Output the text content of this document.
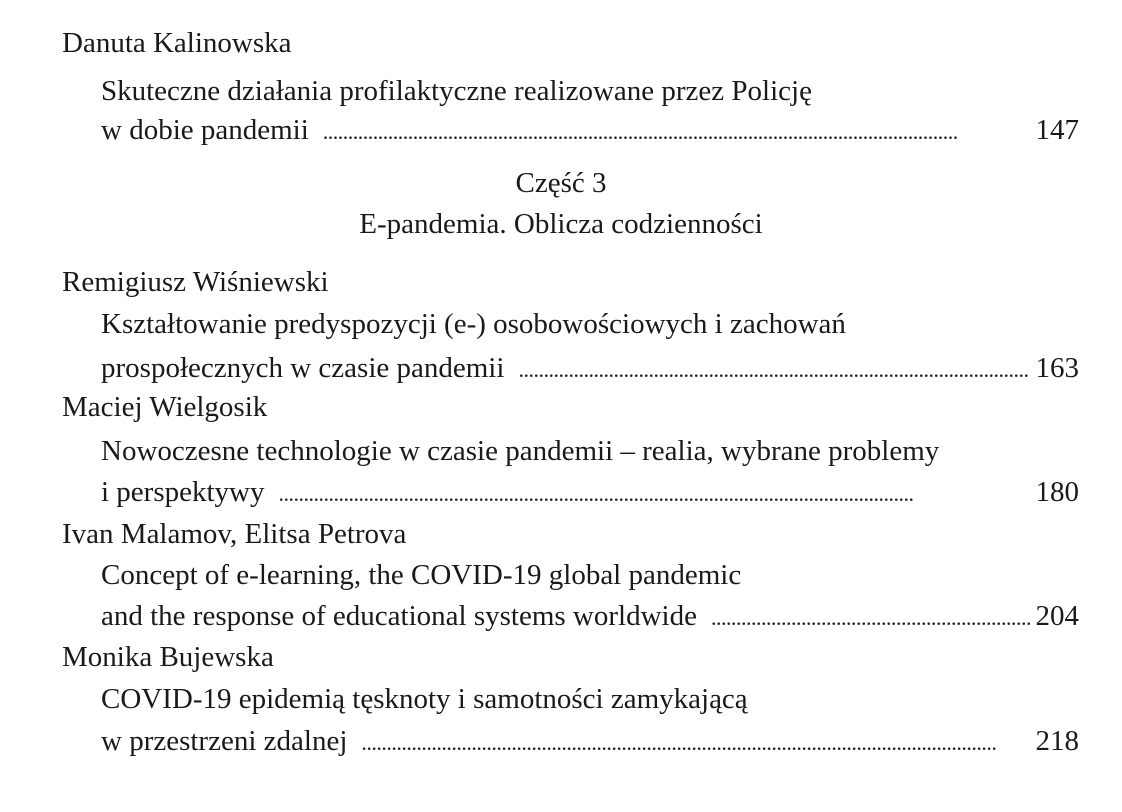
Danuta Kalinowska
Skuteczne działania profilaktyczne realizowane przez Policję
w dobie pandemii . . .	147
Część 3
E-pandemia. Oblicza codzienności
Remigiusz Wiśniewski
Kształtowanie predyspozycji (e-) osobowościowych i zachowań
prospołecznych w czasie pandemii . . .	163
Maciej Wielgosik
Nowoczesne technologie w czasie pandemii – realia, wybrane problemy
i perspektywy . . .	180
Ivan Malamov, Elitsa Petrova
Concept of e-learning, the COVID-19 global pandemic
and the response of educational systems worldwide . . .	204
Monika Bujewska
COVID-19 epidemią tęsknoty i samotności zamykającą
w przestrzeni zdalnej . . .	218
